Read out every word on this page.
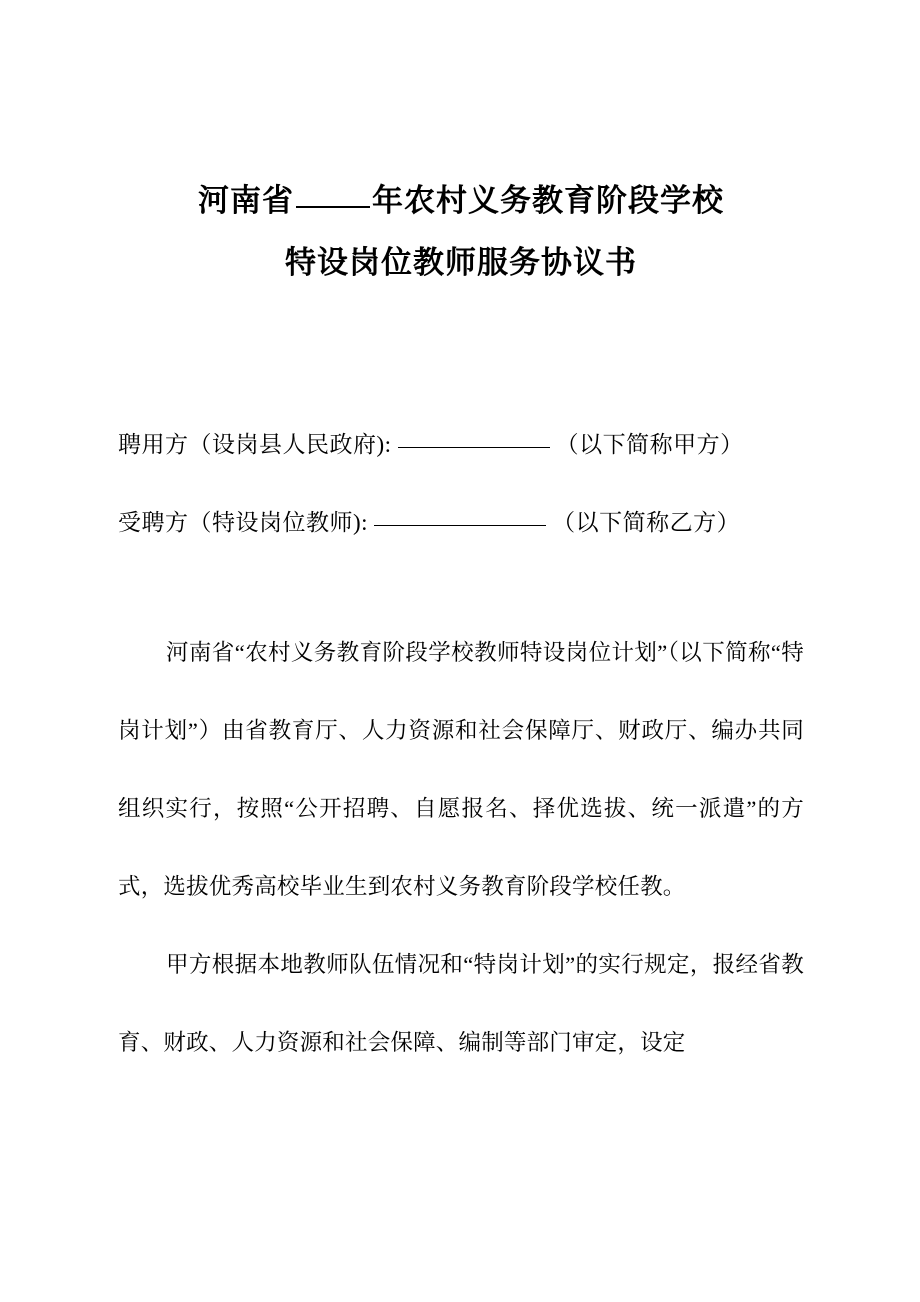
河南省	年农村义务教育阶段学校
特设岗位教师服务协议书
聘用方（设岗县人民政府):	（以下简称甲方）
受聘方（特设岗位教师):	（以下简称乙方）

河南省“农村义务教育阶段学校教师特设岗位计划”（以下简称“特岗计划”）由省教育厅、人力资源和社会保障厅、财政厅、编办共同组织实行，按照“公开招聘、自愿报名、择优选拔、统一派遣”的方式，选拔优秀高校毕业生到农村义务教育阶段学校任教。

甲方根据本地教师队伍情况和“特岗计划”的实行规定，报经省教育、财政、人力资源和社会保障、编制等部门审定，设定
